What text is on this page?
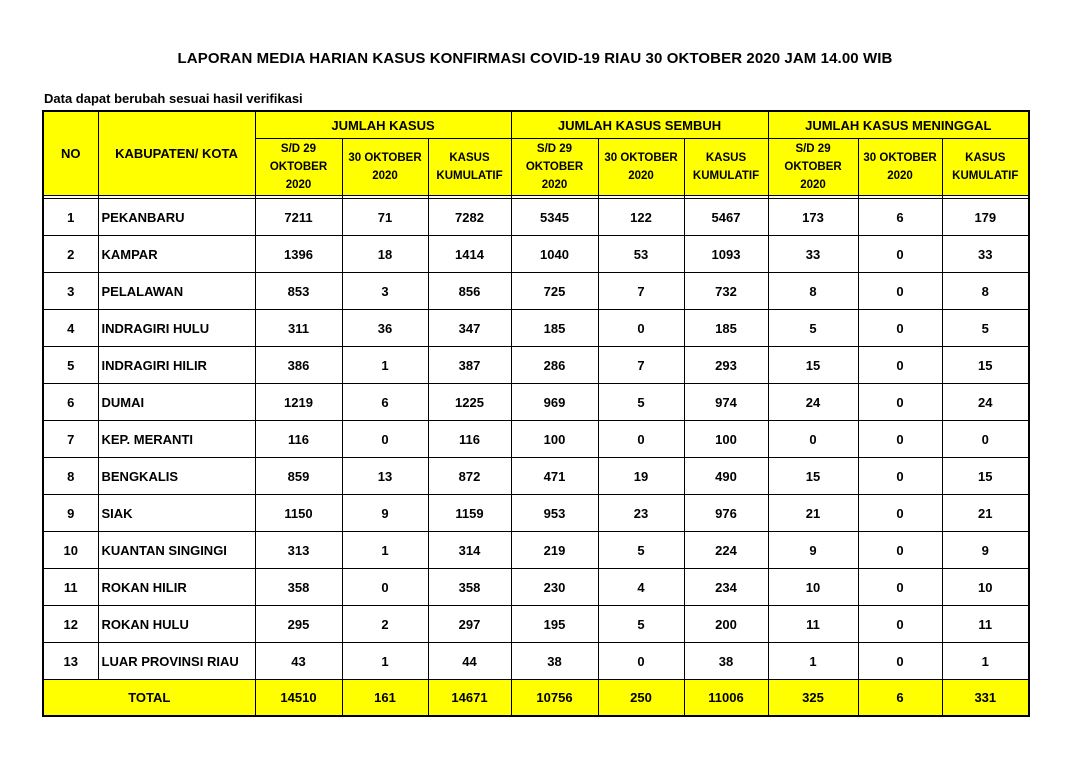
LAPORAN MEDIA HARIAN KASUS KONFIRMASI COVID-19 RIAU 30 OKTOBER 2020 JAM 14.00 WIB
Data dapat berubah sesuai hasil verifikasi
NO	KABUPATEN/ KOTA	JUMLAH KASUS			JUMLAH KASUS SEMBUH			JUMLAH KASUS MENINGGAL		
		S/D 29
OKTOBER
2020	30 OKTOBER
2020	KASUS
KUMULATIF	S/D 29
OKTOBER
2020	30 OKTOBER
2020	KASUS
KUMULATIF	S/D 29
OKTOBER
2020	30 OKTOBER
2020	KASUS
KUMULATIF

1	PEKANBARU	7211	71	7282	5345	122	5467	173	6	179
2	KAMPAR	1396	18	1414	1040	53	1093	33	0	33
3	PELALAWAN	853	3	856	725	7	732	8	0	8
4	INDRAGIRI HULU	311	36	347	185	0	185	5	0	5
5	INDRAGIRI HILIR	386	1	387	286	7	293	15	0	15
6	DUMAI	1219	6	1225	969	5	974	24	0	24
7	KEP. MERANTI	116	0	116	100	0	100	0	0	0
8	BENGKALIS	859	13	872	471	19	490	15	0	15
9	SIAK	1150	9	1159	953	23	976	21	0	21
10	KUANTAN SINGINGI	313	1	314	219	5	224	9	0	9
11	ROKAN HILIR	358	0	358	230	4	234	10	0	10
12	ROKAN HULU	295	2	297	195	5	200	11	0	11
13	LUAR PROVINSI RIAU	43	1	44	38	0	38	1	0	1
TOTAL		14510	161	14671	10756	250	11006	325	6	331
